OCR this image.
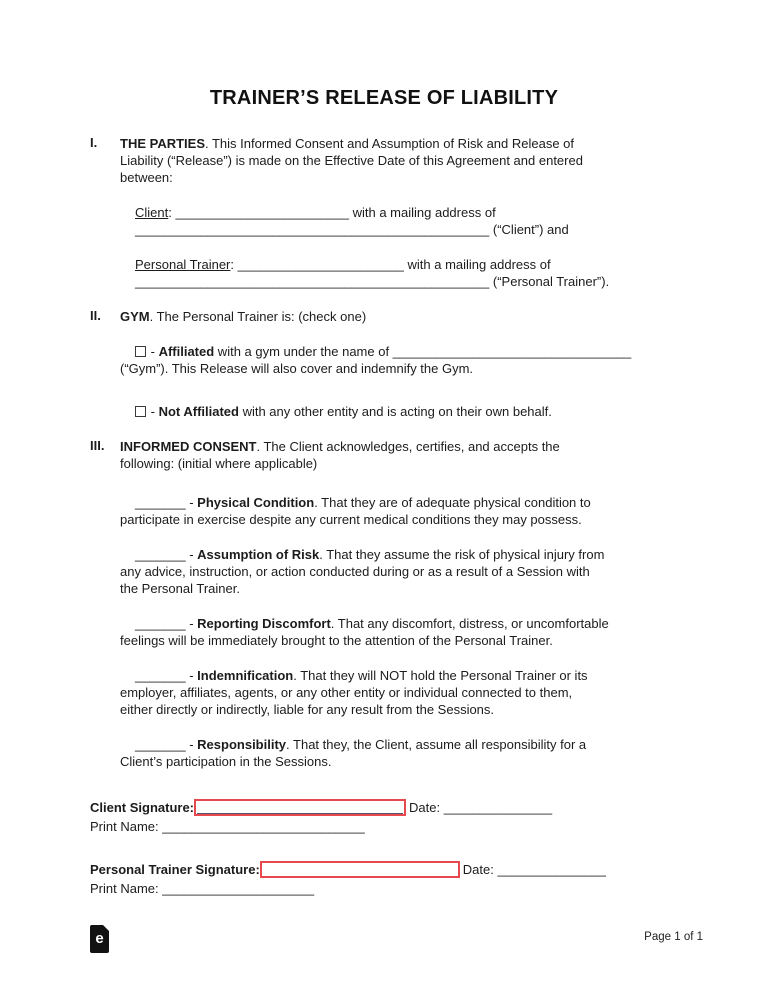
TRAINER’S RELEASE OF LIABILITY
I. THE PARTIES. This Informed Consent and Assumption of Risk and Release of
Liability (“Release”) is made on the Effective Date of this Agreement and entered
between:
Client: ________________________ with a mailing address of
_________________________________________________ (“Client”) and
Personal Trainer: _______________________ with a mailing address of
_________________________________________________ (“Personal Trainer”).
II. GYM. The Personal Trainer is: (check one)
- Affiliated with a gym under the name of _________________________________
(“Gym”). This Release will also cover and indemnify the Gym.
- Not Affiliated with any other entity and is acting on their own behalf.
III. INFORMED CONSENT. The Client acknowledges, certifies, and accepts the
following: (initial where applicable)
_______ - Physical Condition. That they are of adequate physical condition to
participate in exercise despite any current medical conditions they may possess.
_______ - Assumption of Risk. That they assume the risk of physical injury from
any advice, instruction, or action conducted during or as a result of a Session with
the Personal Trainer.
_______ - Reporting Discomfort. That any discomfort, distress, or uncomfortable
feelings will be immediately brought to the attention of the Personal Trainer.
_______ - Indemnification. That they will NOT hold the Personal Trainer or its
employer, affiliates, agents, or any other entity or individual connected to them,
either directly or indirectly, liable for any result from the Sessions.
_______ - Responsibility. That they, the Client, assume all responsibility for a
Client’s participation in the Sessions.
Client Signature:	Date: _______________
Print Name: ____________________________
Personal Trainer Signature:	Date: _______________
Print Name: _____________________
e	Page 1 of 1
